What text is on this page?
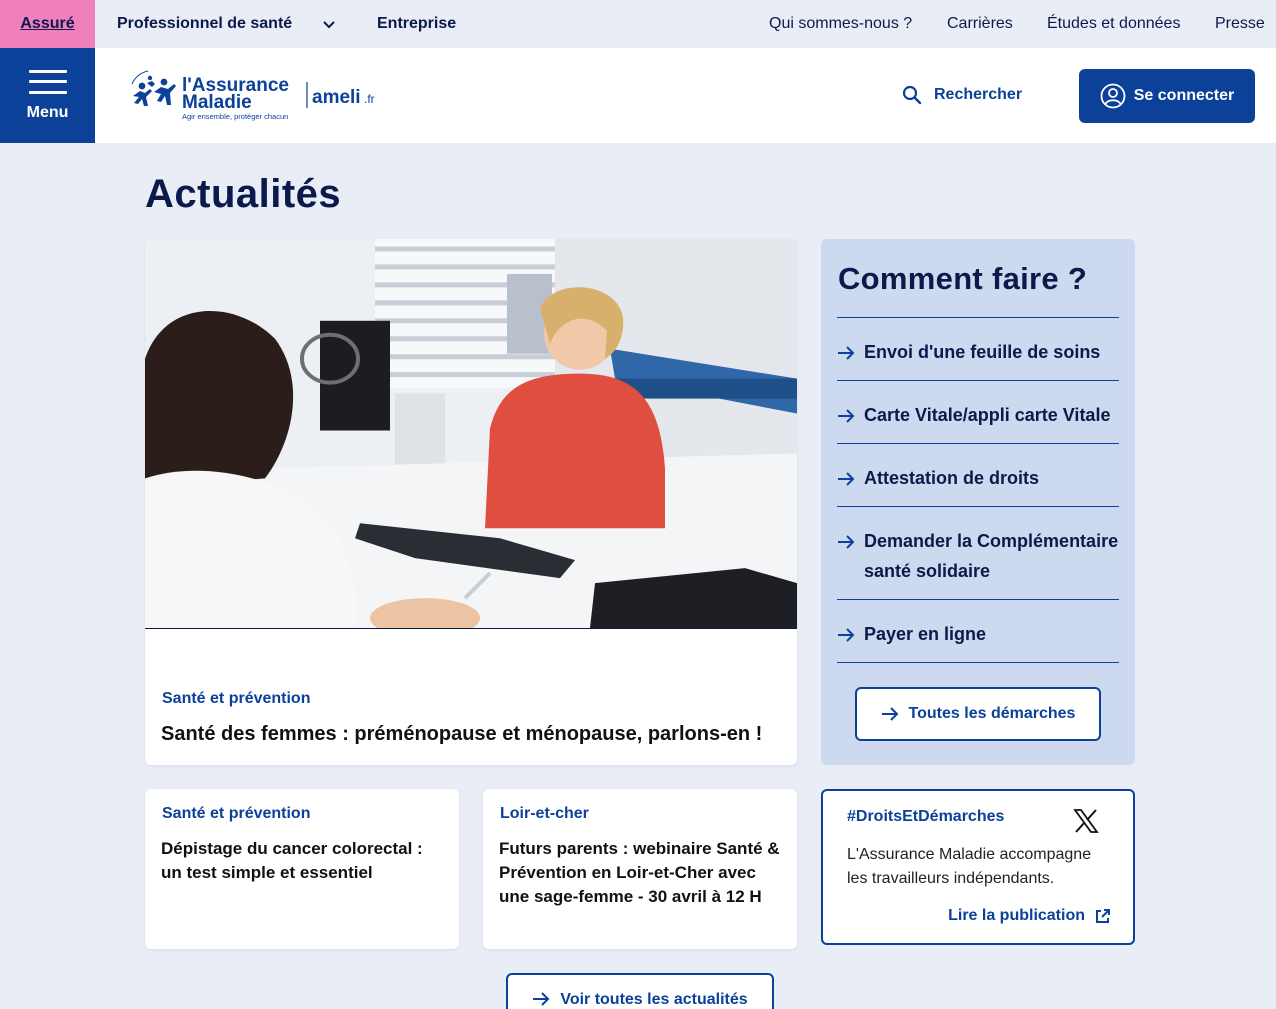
Assuré	Professionnel de santé	Entreprise	Qui sommes-nous ? Carrières Études et données Presse
Menu
l'Assurance
Maladie
Agir ensemble, protéger chacun
ameli .fr	Rechercher	Se connecter
Actualités
Santé et prévention
Santé des femmes : préménopause et ménopause, parlons-en !
Comment faire ?
Envoi d'une feuille de soins
Carte Vitale/appli carte Vitale
Attestation de droits
Demander la Complémentaire santé solidaire
Payer en ligne
Toutes les démarches
Santé et prévention
Dépistage du cancer colorectal : un test simple et essentiel
Loir-et-cher
Futurs parents : webinaire Santé & Prévention en Loir-et-Cher avec une sage-femme - 30 avril à 12 H
#DroitsEtDémarches
L'Assurance Maladie accompagne les travailleurs indépendants.
Lire la publication
Voir toutes les actualités
